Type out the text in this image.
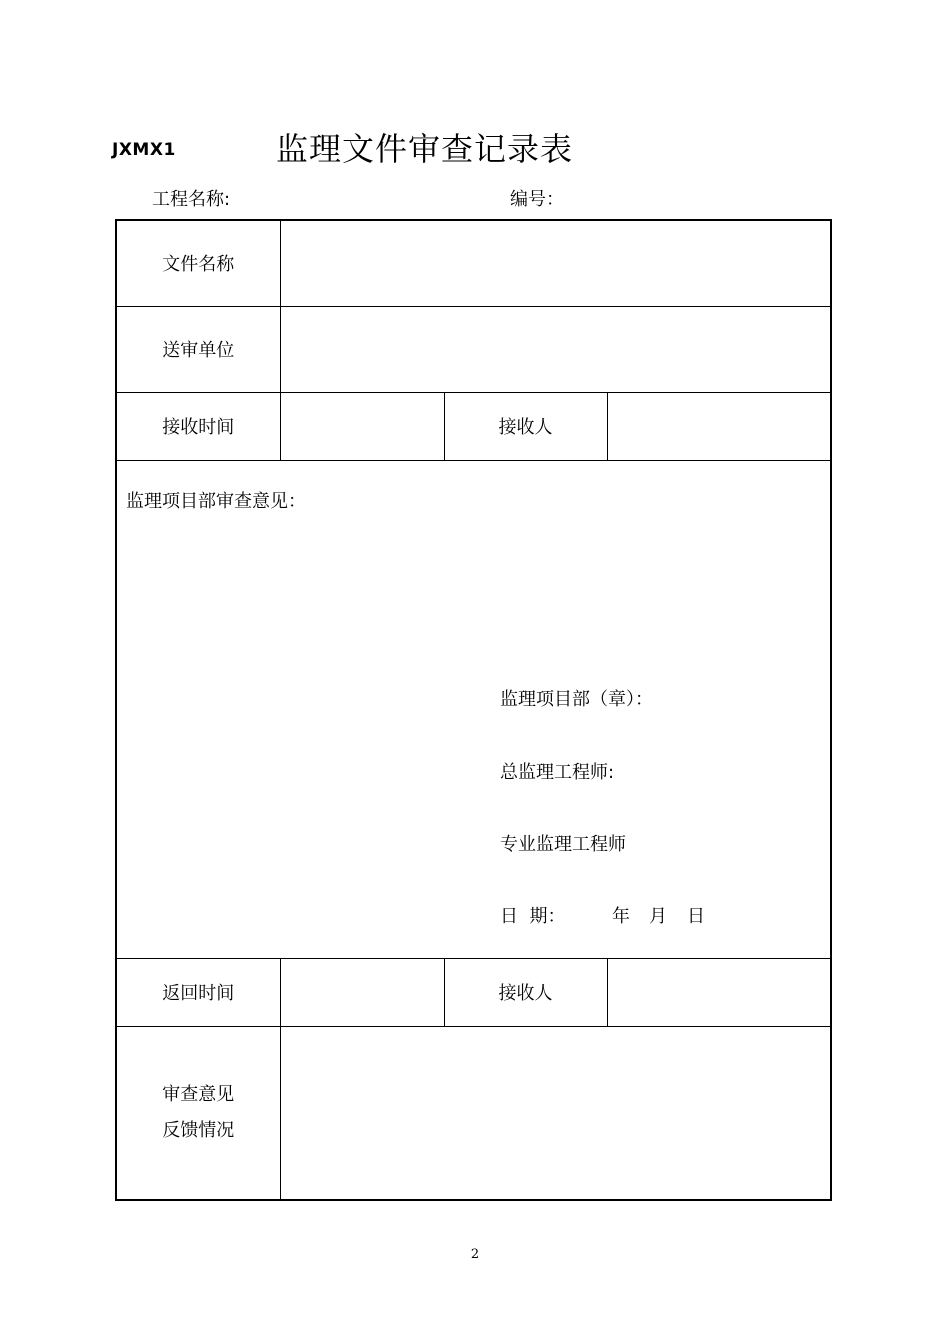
JXMX1	监理文件审查记录表
工程名称:	编号：
文件名称			
送审单位			
接收时间		接收人	

监理项目部审查意见：
监理项目部（章）：
总监理工程师:
专业监理工程师
日  期： 年 月 日			

返回时间		接收人	

审查意见
反馈情况			

2
